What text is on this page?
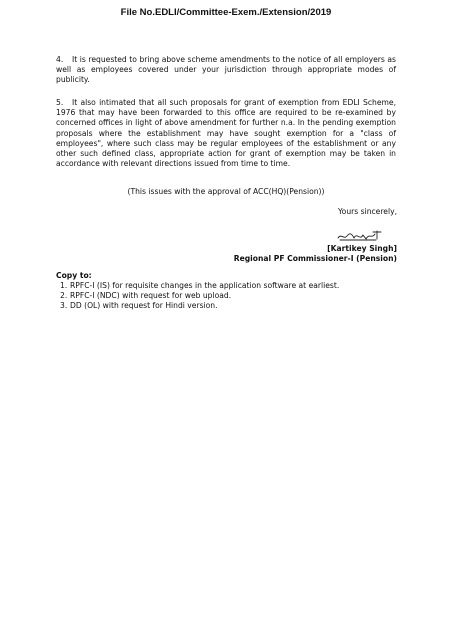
File No.EDLI/Committee-Exem./Extension/2019
4. It is requested to bring above scheme amendments to the notice of all employers as well as employees covered under your jurisdiction through appropriate modes of publicity.
5. It also intimated that all such proposals for grant of exemption from EDLI Scheme, 1976 that may have been forwarded to this office are required to be re-examined by concerned offices in light of above amendment for further n.a. In the pending exemption proposals where the establishment may have sought exemption for a "class of employees", where such class may be regular employees of the establishment or any other such defined class, appropriate action for grant of exemption may be taken in accordance with relevant directions issued from time to time.
(This issues with the approval of ACC(HQ)(Pension))
Yours sincerely,
[Kartikey Singh]
Regional PF Commissioner-I (Pension)
Copy to:
1. RPFC-I (IS) for requisite changes in the application software at earliest.
2. RPFC-I (NDC) with request for web upload.
3. DD (OL) with request for Hindi version.
